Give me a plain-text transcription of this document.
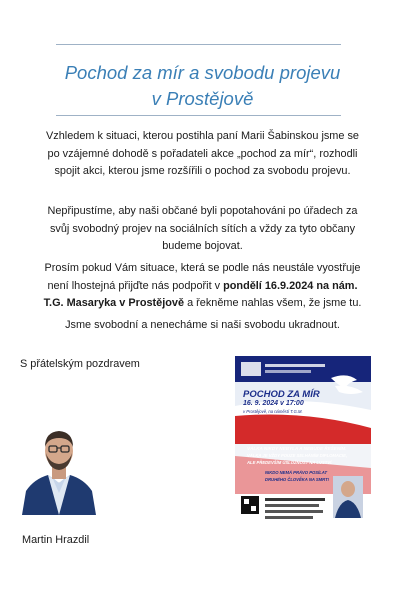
Pochod za mír a svobodu projevu
v Prostějově
Vzhledem k situaci, kterou postihla paní Marii Šabinskou jsme se po vzájemné dohodě s pořadateli akce „pochod za mír“, rozhodli spojit akci, kterou jsme rozšířili o pochod za svobodu projevu.
Nepřipustíme, aby naši občané byli popotahováni po úřadech za svůj svobodný projev na sociálních sítích a vždy za tyto občany budeme bojovat.
Prosím pokud Vám situace, která se podle nás neustále vyostřuje není lhostejná přijďte nás podpořit v pondělí 16.9.2024 na nám. T.G. Masaryka v Prostějově a řekněme nahlas všem, že jsme tu.
Jsme svobodní a nenecháme si naši svobodu ukradnout.
S přátelským pozdravem
Martin Hrazdil
POCHOD ZA MÍR
16. 9. 2024 v 17:00
v Prostějově, na náměstí T.G.M.
VÁLKA NIKDY NEBYLA A NEBUDE ŘEŠENÍM.
VÁLKA JE VŽDY POUZE SELHÁNÍM DIPLOMACIE,
ALE PŘEDEVŠÍM ÚSLOŽNOST NA LUSTVÍ.
NIKDO NEMÁ PRÁVO POSÍLAT
DRUHÉHO ČLOVĚKA NA SMRT!
